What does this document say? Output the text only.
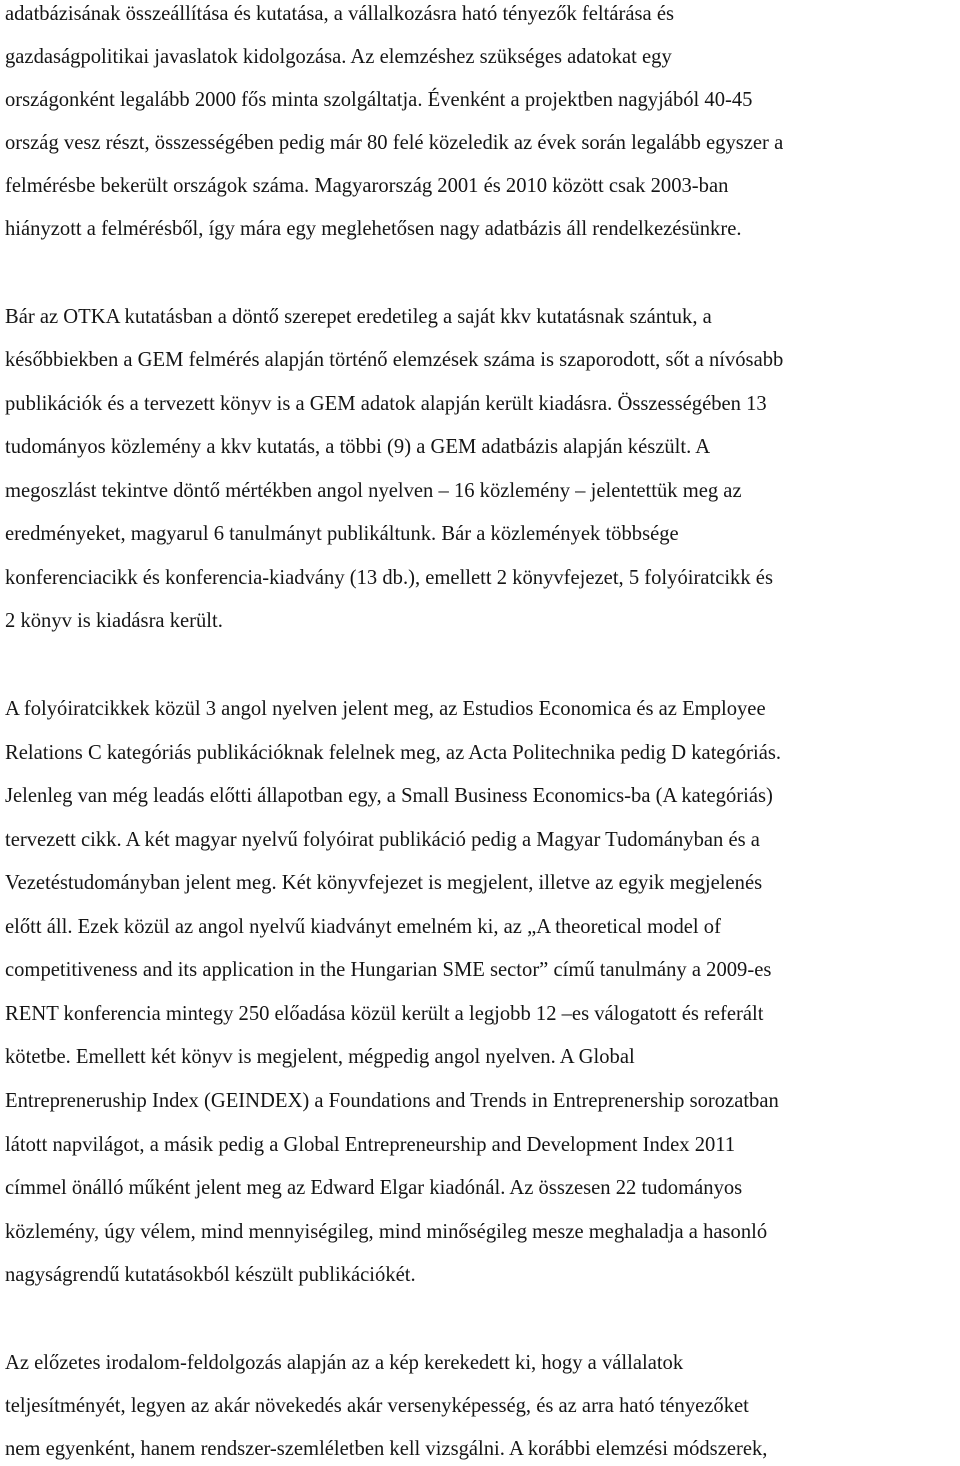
adatbázisának összeállítása és kutatása, a vállalkozásra ható tényezők feltárása és
gazdaságpolitikai javaslatok kidolgozása. Az elemzéshez szükséges adatokat egy
országonként legalább 2000 fős minta szolgáltatja. Évenként a projektben nagyjából 40-45
ország vesz részt, összességében pedig már 80 felé közeledik az évek során legalább egyszer a
felmérésbe bekerült országok száma. Magyarország 2001 és 2010 között csak 2003-ban
hiányzott a felmérésből, így mára egy meglehetősen nagy adatbázis áll rendelkezésünkre.
Bár az OTKA kutatásban a döntő szerepet eredetileg a saját kkv kutatásnak szántuk, a
későbbiekben a GEM felmérés alapján történő elemzések száma is szaporodott, sőt a nívósabb
publikációk és a tervezett könyv is a GEM adatok alapján került kiadásra. Összességében 13
tudományos közlemény a kkv kutatás, a többi (9) a GEM adatbázis alapján készült. A
megoszlást tekintve döntő mértékben angol nyelven – 16 közlemény – jelentettük meg az
eredményeket, magyarul 6 tanulmányt publikáltunk. Bár a közlemények többsége
konferenciacikk és konferencia-kiadvány (13 db.), emellett 2 könyvfejezet, 5 folyóiratcikk és
2 könyv is kiadásra került.
A folyóiratcikkek közül 3 angol nyelven jelent meg, az Estudios Economica és az Employee
Relations C kategóriás publikációknak felelnek meg, az Acta Politechnika pedig D kategóriás.
Jelenleg van még leadás előtti állapotban egy, a Small Business Economics-ba (A kategóriás)
tervezett cikk. A két magyar nyelvű folyóirat publikáció pedig a Magyar Tudományban és a
Vezetéstudományban jelent meg. Két könyvfejezet is megjelent, illetve az egyik megjelenés
előtt áll. Ezek közül az angol nyelvű kiadványt emelném ki, az „A theoretical model of
competitiveness and its application in the Hungarian SME sector” című tanulmány a 2009-es
RENT konferencia mintegy 250 előadása közül került a legjobb 12 –es válogatott és referált
kötetbe. Emellett két könyv is megjelent, mégpedig angol nyelven. A Global
Entrepreneruship Index (GEINDEX) a Foundations and Trends in Entreprenership sorozatban
látott napvilágot, a másik pedig a Global Entrepreneurship and Development Index 2011
címmel önálló műként jelent meg az Edward Elgar kiadónál. Az összesen 22 tudományos
közlemény, úgy vélem, mind mennyiségileg, mind minőségileg mesze meghaladja a hasonló
nagyságrendű kutatásokból készült publikációkét.
Az előzetes irodalom-feldolgozás alapján az a kép kerekedett ki, hogy a vállalatok
teljesítményét, legyen az akár növekedés akár versenyképesség, és az arra ható tényezőket
nem egyenként, hanem rendszer-szemléletben kell vizsgálni. A korábbi elemzési módszerek,
